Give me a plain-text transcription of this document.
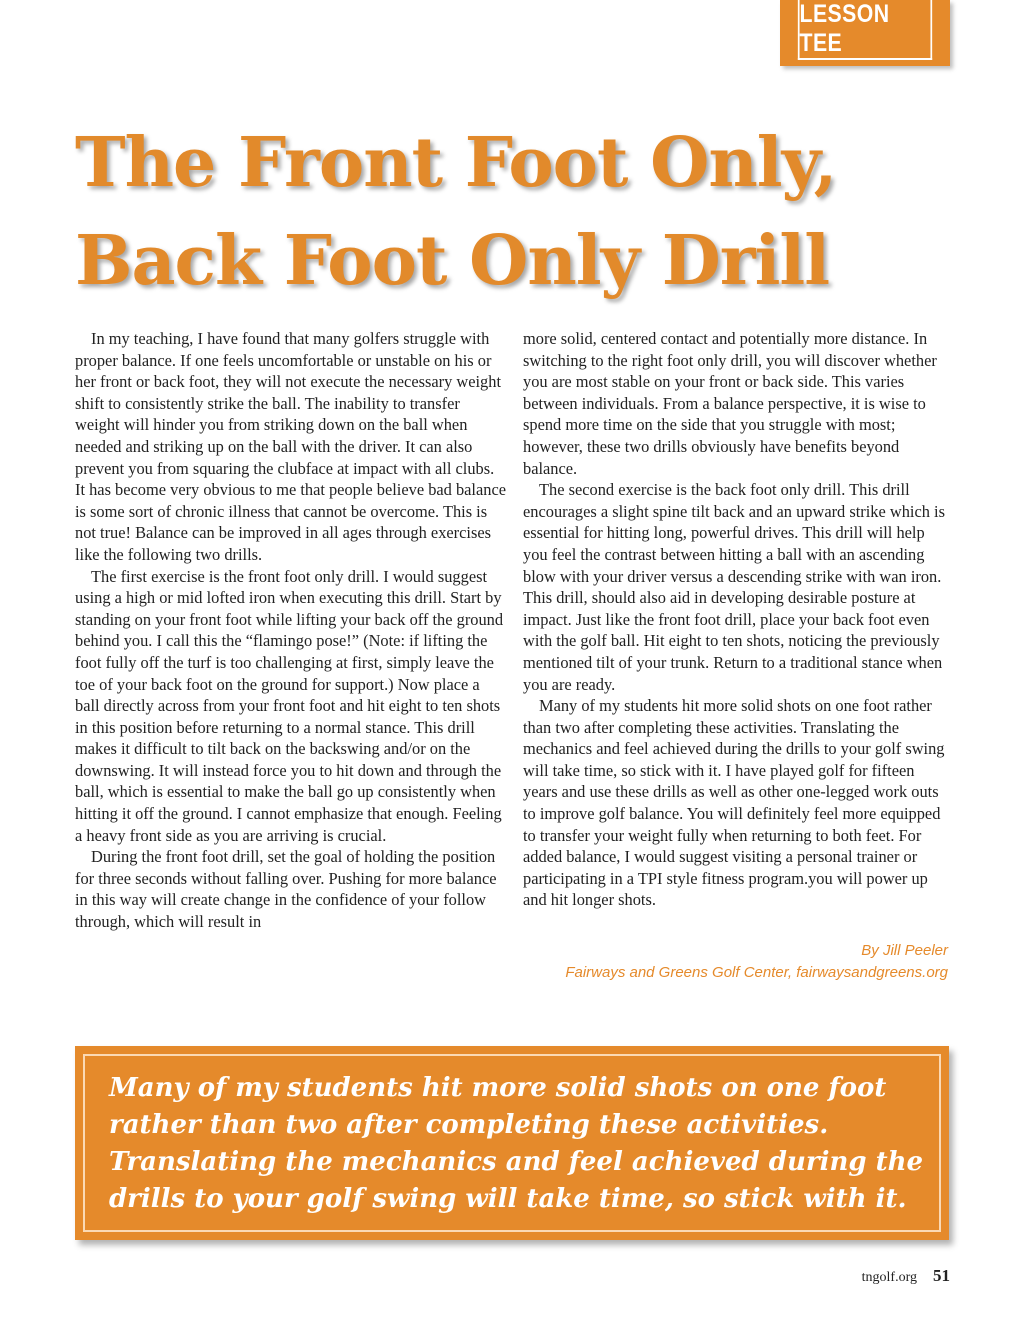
LESSON TEE
The Front Foot Only,
Back Foot Only Drill

In my teaching, I have found that many golfers struggle with proper balance. If one feels uncomfortable or unstable on his or her front or back foot, they will not execute the necessary weight shift to consistently strike the ball. The inability to transfer weight will hinder you from striking down on the ball when needed and striking up on the ball with the driver. It can also prevent you from squaring the clubface at impact with all clubs. It has become very obvious to me that people believe bad balance is some sort of chronic illness that cannot be overcome. This is not true! Balance can be improved in all ages through exercises like the following two drills.

The first exercise is the front foot only drill. I would suggest using a high or mid lofted iron when executing this drill. Start by standing on your front foot while lifting your back off the ground behind you. I call this the “flamingo pose!” (Note: if lifting the foot fully off the turf is too challenging at first, simply leave the toe of your back foot on the ground for support.) Now place a ball directly across from your front foot and hit eight to ten shots in this position before returning to a normal stance. This drill makes it difficult to tilt back on the backswing and/or on the downswing. It will instead force you to hit down and through the ball, which is essential to make the ball go up consistently when hitting it off the ground. I cannot emphasize that enough. Feeling a heavy front side as you are arriving is crucial.

During the front foot drill, set the goal of holding the position for three seconds without falling over. Pushing for more balance in this way will create change in the confidence of your follow through, which will result in

more solid, centered contact and potentially more distance. In switching to the right foot only drill, you will discover whether you are most stable on your front or back side. This varies between individuals. From a balance perspective, it is wise to spend more time on the side that you struggle with most; however, these two drills obviously have benefits beyond balance.

The second exercise is the back foot only drill. This drill encourages a slight spine tilt back and an upward strike which is essential for hitting long, powerful drives. This drill will help you feel the contrast between hitting a ball with an ascending blow with your driver versus a descending strike with wan iron. This drill, should also aid in developing desirable posture at impact. Just like the front foot drill, place your back foot even with the golf ball. Hit eight to ten shots, noticing the previously mentioned tilt of your trunk. Return to a traditional stance when you are ready.

Many of my students hit more solid shots on one foot rather than two after completing these activities. Translating the mechanics and feel achieved during the drills to your golf swing will take time, so stick with it. I have played golf for fifteen years and use these drills as well as other one-legged work outs to improve golf balance. You will definitely feel more equipped to transfer your weight fully when returning to both feet. For added balance, I would suggest visiting a personal trainer or participating in a TPI style fitness program.you will power up and hit longer shots.

By Jill Peeler
Fairways and Greens Golf Center, fairwaysandgreens.org
Many of my students hit more solid shots on one foot
rather than two after completing these activities.
Translating the mechanics and feel achieved during the
drills to your golf swing will take time, so stick with it.
tngolf.org 51
